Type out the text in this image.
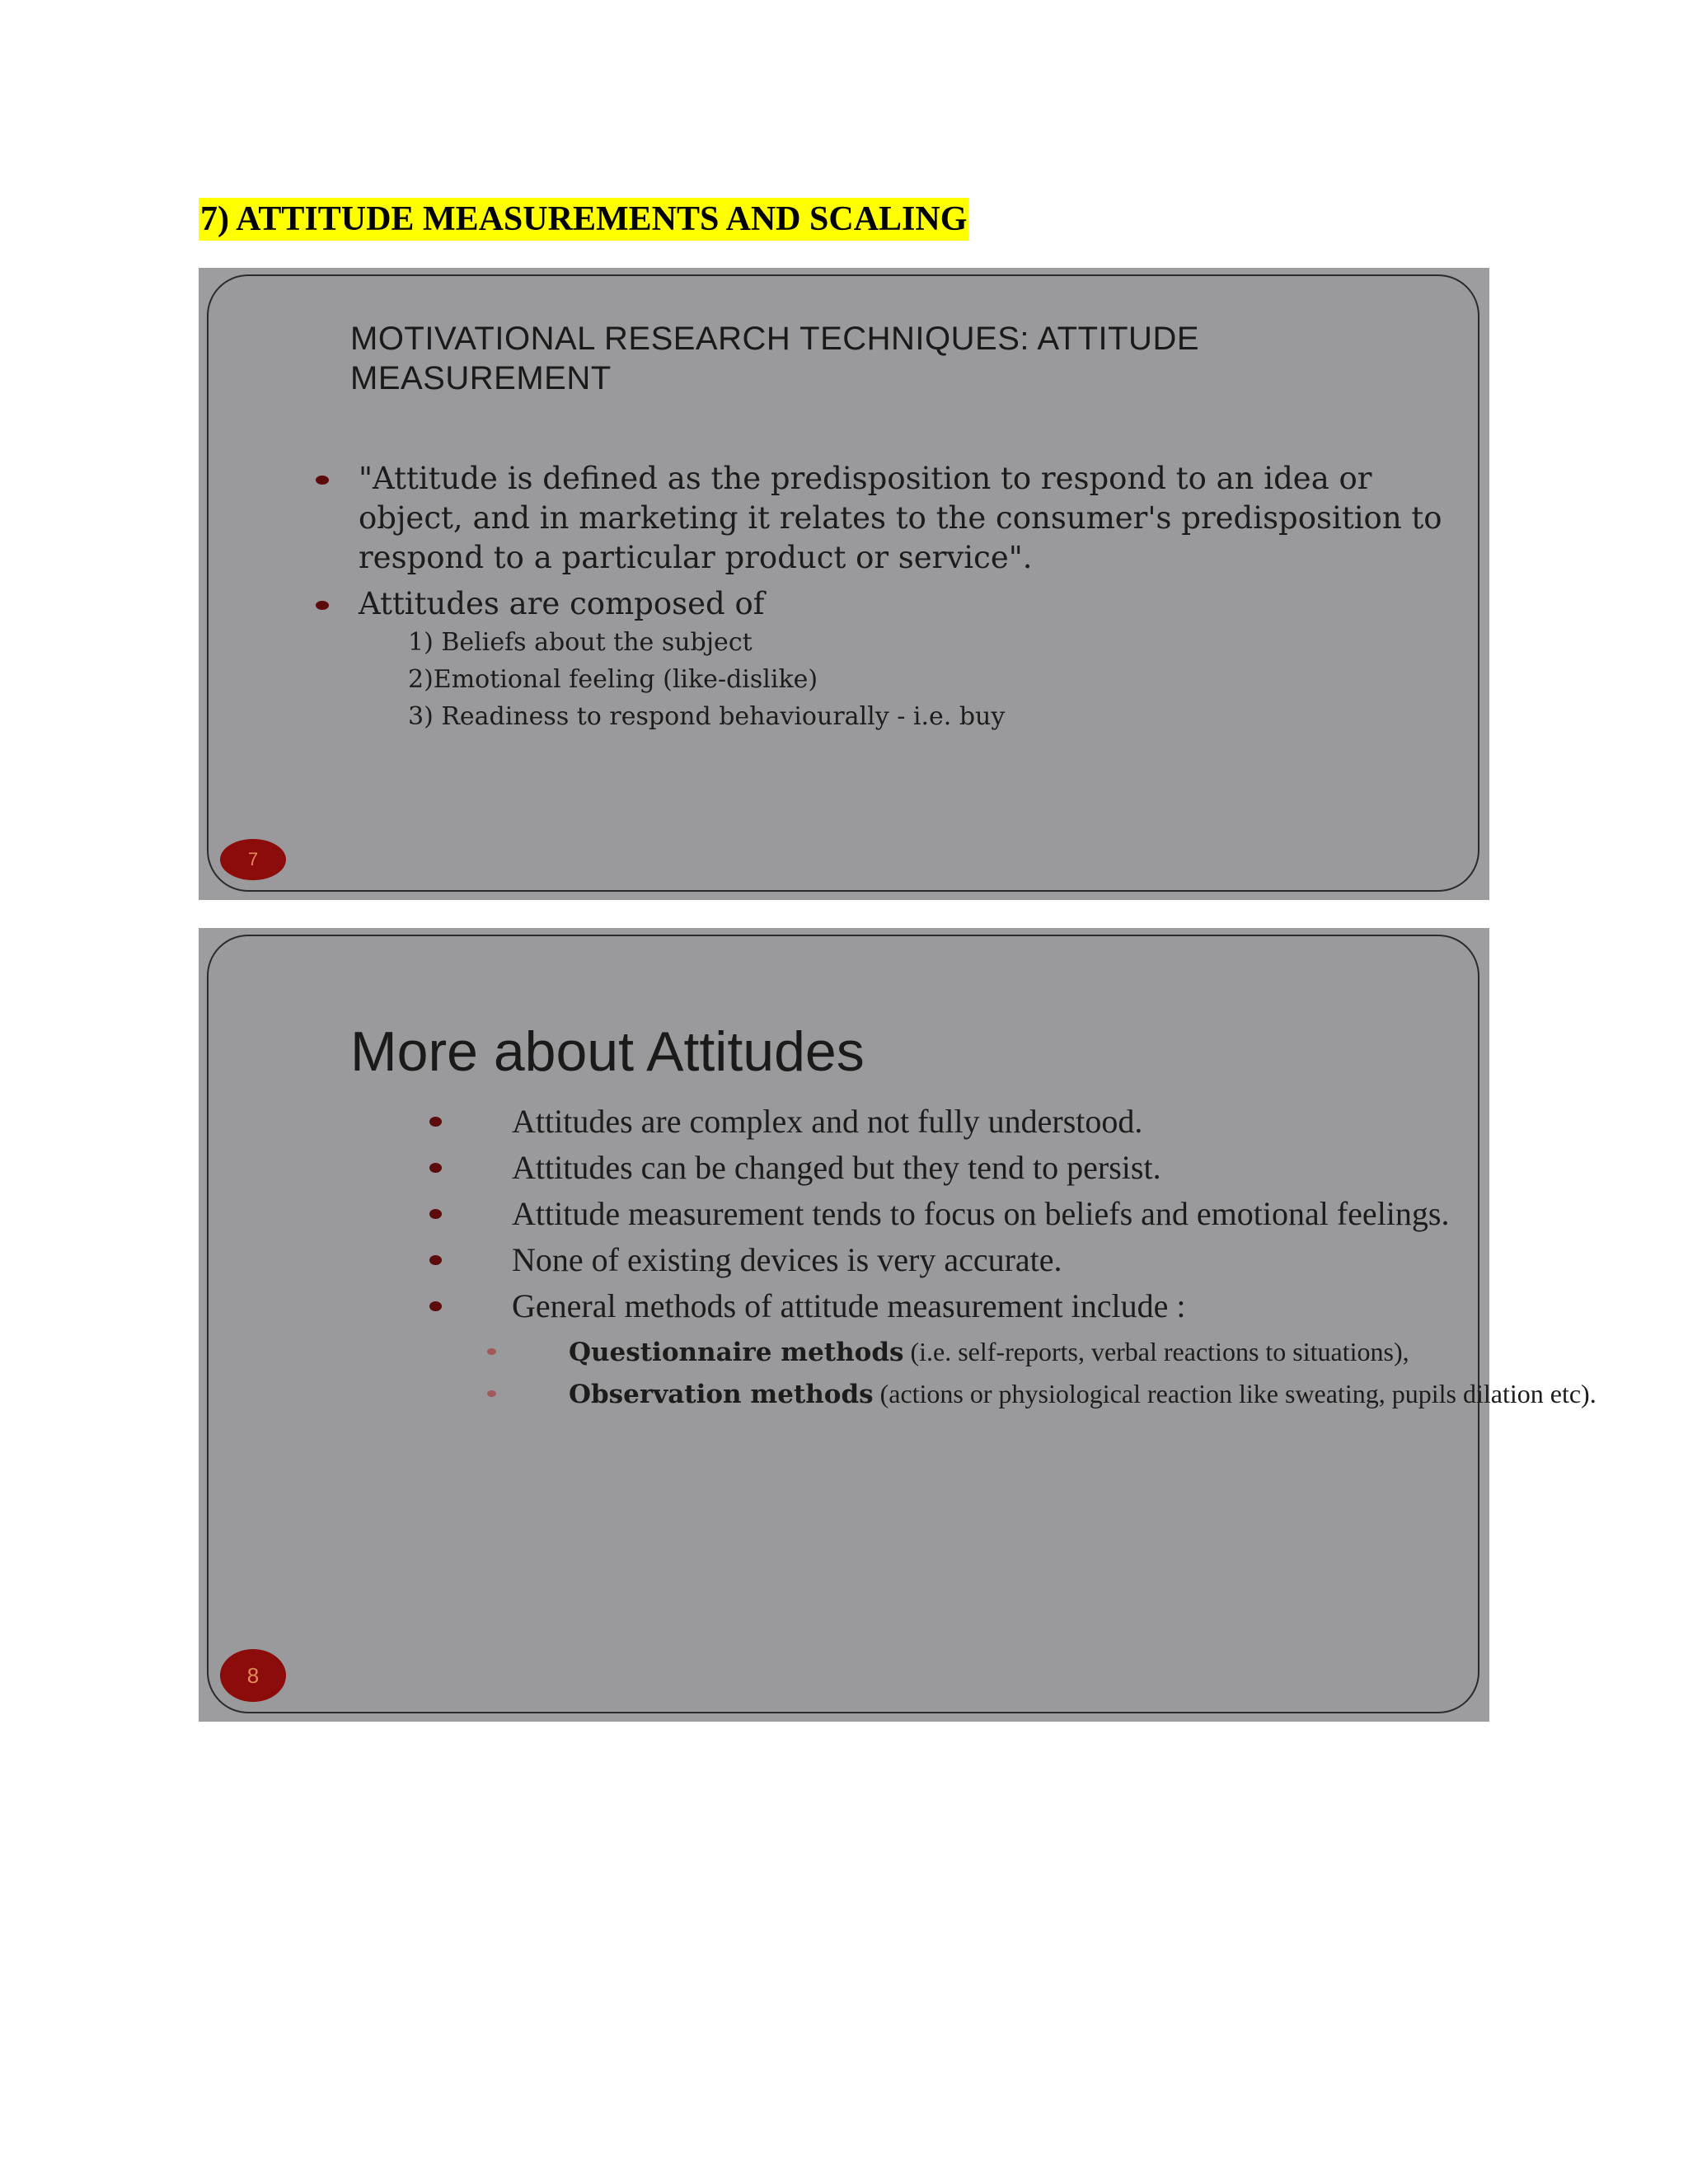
7) ATTITUDE MEASUREMENTS AND SCALING
MOTIVATIONAL RESEARCH TECHNIQUES: ATTITUDE MEASUREMENT
"Attitude is defined as the predisposition to respond to an idea or object, and in marketing it relates to the consumer's predisposition to respond to a particular product or service".
Attitudes are composed of
1) Beliefs about the subject
2)Emotional feeling (like-dislike)
3) Readiness to respond behaviourally - i.e. buy
7
More about Attitudes
Attitudes are complex and not fully understood.
Attitudes can be changed but they tend to persist.
Attitude measurement tends to focus on beliefs and emotional feelings.
None of existing devices is very accurate.
General methods of attitude measurement include :
Questionnaire methods (i.e. self-reports, verbal reactions to situations),
Observation methods (actions or physiological reaction like sweating, pupils dilation etc).
8
